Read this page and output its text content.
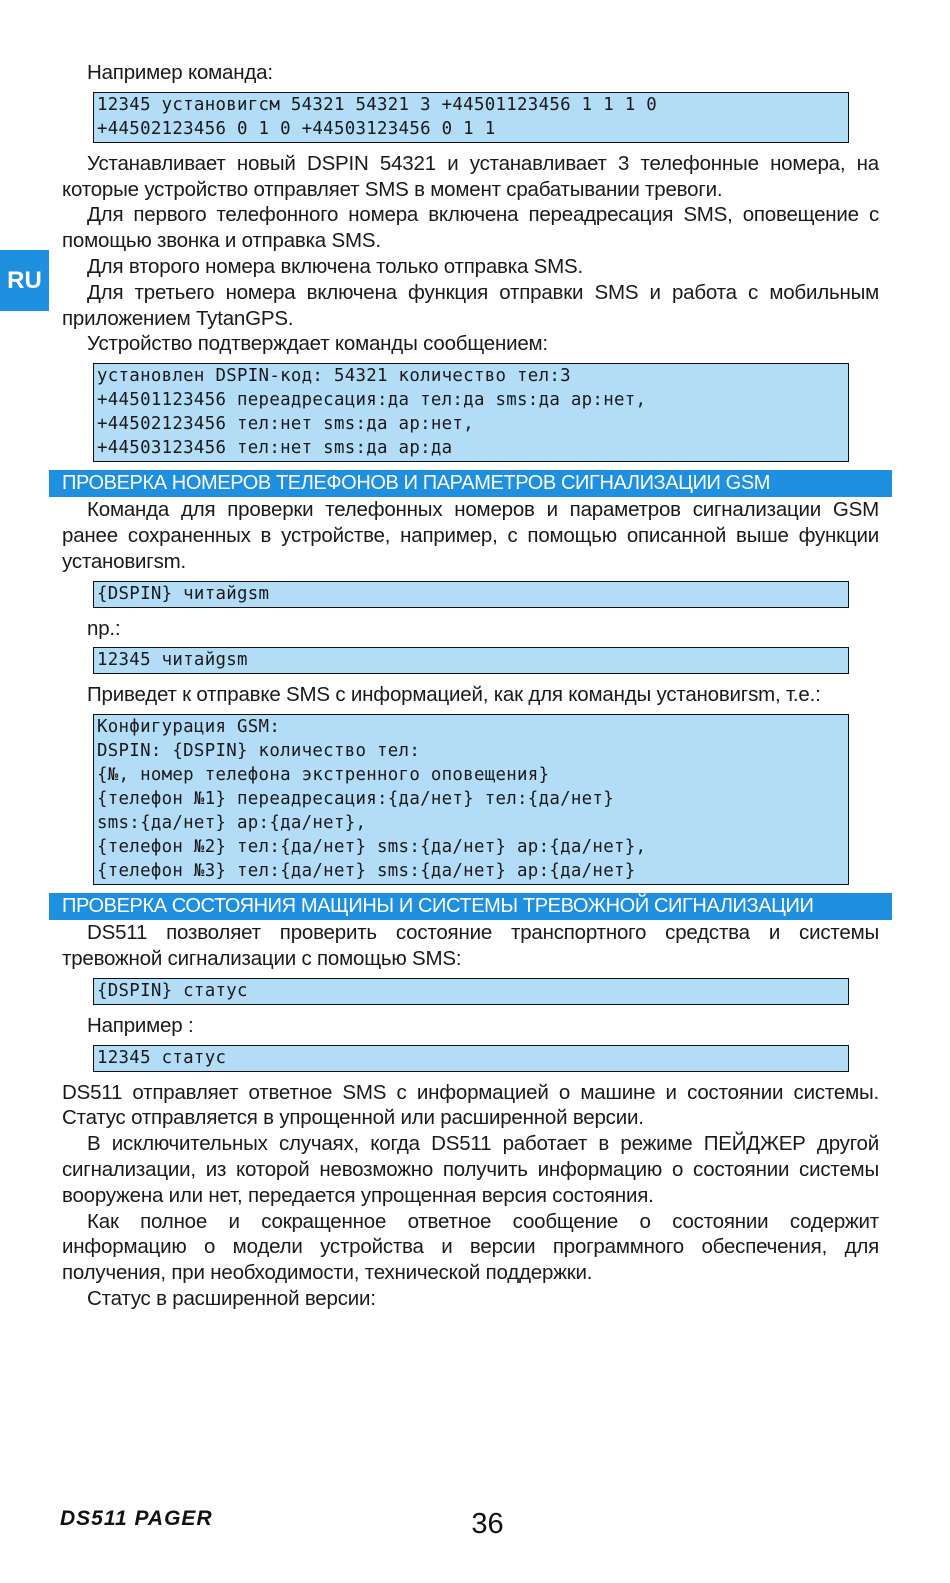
RU

Например команда:

12345 установигсм 54321 54321 3 +44501123456 1 1 1 0
+44502123456 0 1 0 +44503123456 0 1 1

Устанавливает новый DSPIN 54321 и устанавливает 3 телефонные номера, на которые устройство отправляет SMS в момент срабатывании тревоги.

Для первого телефонного номера включена переадресация SMS, оповещение с помощью звонка и отправка SMS.

Для второго номера включена только отправка SMS.

Для третьего номера включена функция отправки SMS и работа с мобильным приложением TytanGPS.

Устройство подтверждает команды сообщением:

установлен DSPIN-код: 54321 количество тел:3
+44501123456 переадресация:да тел:да sms:да ap:нет,
+44502123456 тел:нет sms:да ap:нет,
+44503123456 тел:нет sms:да ap:да
ПРОВЕРКА НОМЕРОВ ТЕЛЕФОНОВ И ПАРАМЕТРОВ СИГНАЛИЗАЦИИ GSM

Команда для проверки телефонных номеров и параметров сигнализации GSM ранее сохраненных в устройстве, например, с помощью описанной выше функции установигsm.

{DSPIN} читайgsm

np.:

12345 читайgsm

Приведет к отправке SMS с информацией, как для команды установигsm, т.е.:

Конфигурация GSM:
DSPIN: {DSPIN} количество тел:
{№, номер телефона экстренного оповещения}
{телефон №1} переадресация:{да/нет} тел:{да/нет}
sms:{да/нет} ap:{да/нет},
{телефон №2} тел:{да/нет} sms:{да/нет} ap:{да/нет},
{телефон №3} тел:{да/нет} sms:{да/нет} ap:{да/нет}
ПРОВЕРКА СОСТОЯНИЯ МАЩИНЫ И СИСТЕМЫ ТРЕВОЖНОЙ СИГНАЛИЗАЦИИ

DS511 позволяет проверить состояние транспортного средства и системы тревожной сигнализации с помощью SMS:

{DSPIN} статус

Например :

12345 статус

DS511 отправляет ответное SMS с информацией о машине и состоянии системы. Статус отправляется в упрощенной или расширенной версии.

В исключительных случаях, когда DS511 работает в режиме ПЕЙДЖЕР другой сигнализации, из которой невозможно получить информацию о состоянии системы вооружена или нет, передается упрощенная версия состояния.

Как полное и сокращенное ответное сообщение о состоянии содержит информацию о модели устройства и версии программного обеспечения, для получения, при необходимости, технической поддержки.

Статус в расширенной версии:

DS511 PAGER	36
